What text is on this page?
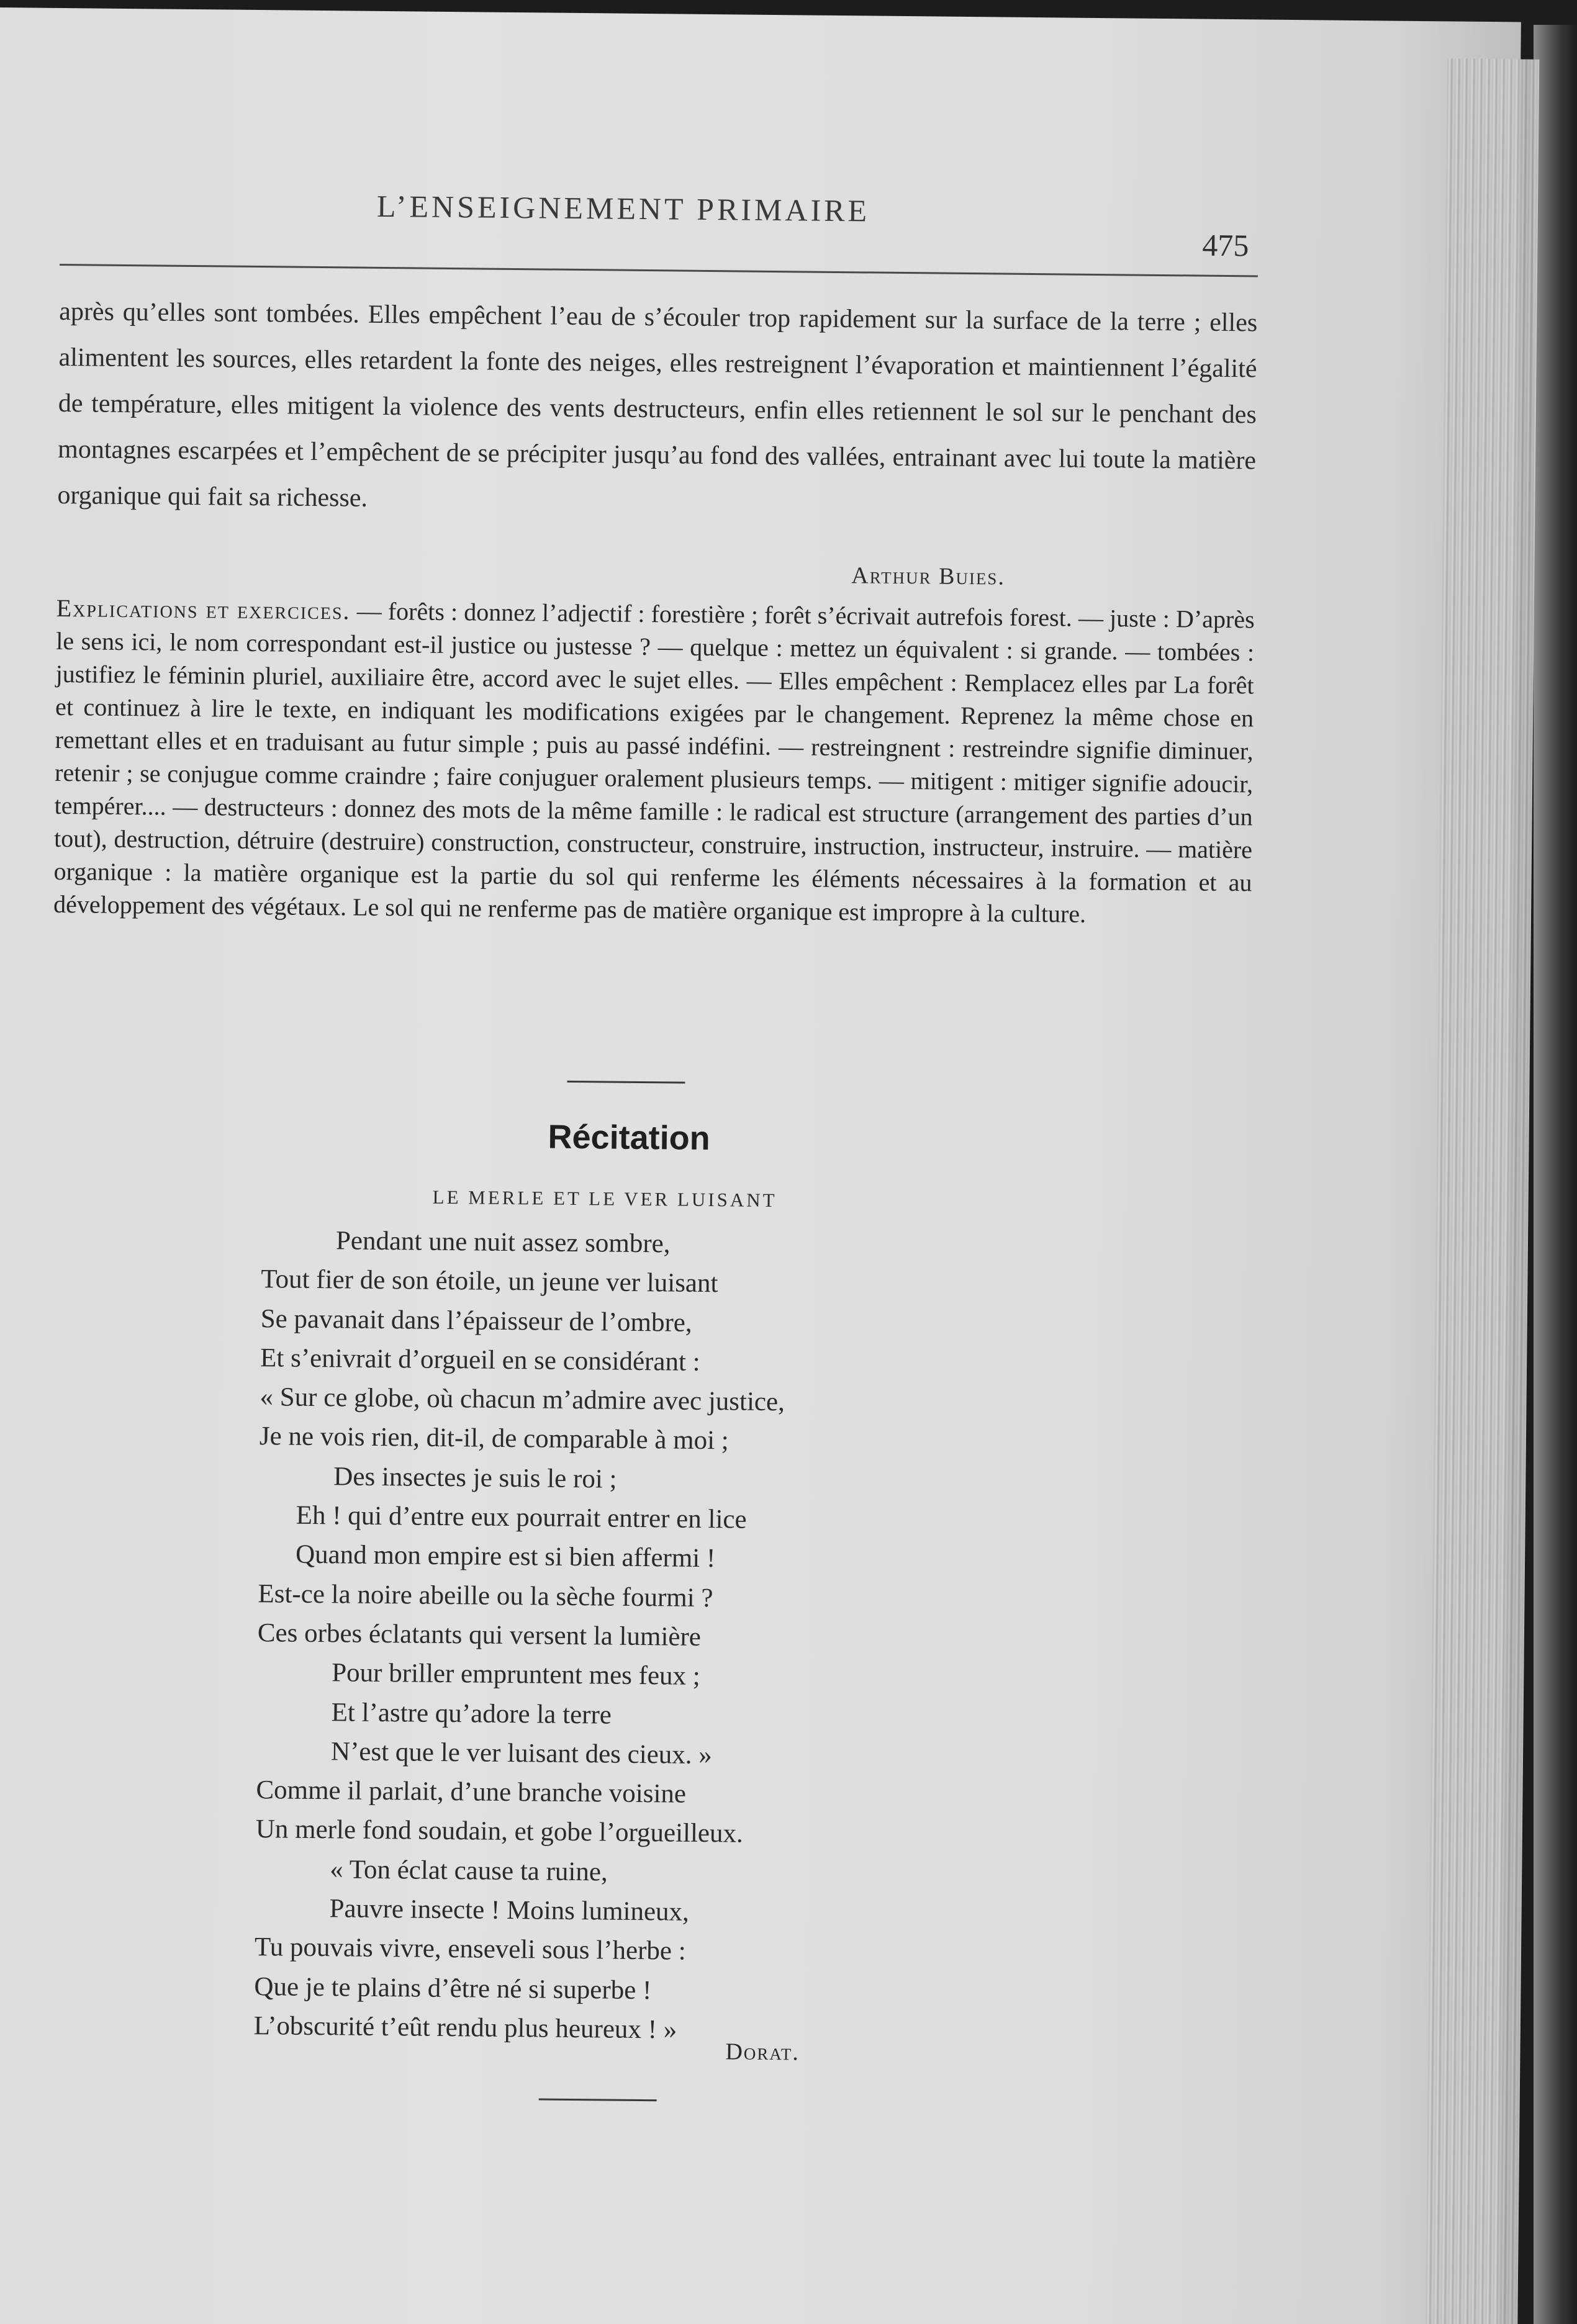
L’ENSEIGNEMENT PRIMAIRE
475

après qu’elles sont tombées. Elles empêchent l’eau de s’écouler trop rapidement sur la surface de la terre ; elles alimentent les sources, elles retardent la fonte des neiges, elles restreignent l’évaporation et maintiennent l’égalité de température, elles mitigent la violence des vents destructeurs, enfin elles retiennent le sol sur le penchant des montagnes escarpées et l’empêchent de se précipiter jusqu’au fond des vallées, entrainant avec lui toute la matière organique qui fait sa richesse.

Arthur Buies.

Explications et exercices. — forêts : donnez l’adjectif : forestière ; forêt s’écrivait autrefois forest. — juste : D’après le sens ici, le nom correspondant est-il justice ou justesse ? — quelque : mettez un équivalent : si grande. — tombées : justifiez le féminin pluriel, auxiliaire être, accord avec le sujet elles. — Elles empêchent : Remplacez elles par La forêt et continuez à lire le texte, en indiquant les modifications exigées par le changement. Reprenez la même chose en remettant elles et en traduisant au futur simple ; puis au passé indéfini. — restreingnent : restreindre signifie diminuer, retenir ; se conjugue comme craindre ; faire conjuguer oralement plusieurs temps. — mitigent : mitiger signifie adoucir, tempérer.... — destructeurs : donnez des mots de la même famille : le radical est structure (arrangement des parties d’un tout), destruction, détruire (destruire) construction, constructeur, construire, instruction, instructeur, instruire. — matière organique : la matière organique est la partie du sol qui renferme les éléments nécessaires à la formation et au développement des végétaux. Le sol qui ne renferme pas de matière organique est impropre à la culture.

Récitation
LE MERLE ET LE VER LUISANT
Pendant une nuit assez sombre,
Tout fier de son étoile, un jeune ver luisant
Se pavanait dans l’épaisseur de l’ombre,
Et s’enivrait d’orgueil en se considérant :
« Sur ce globe, où chacun m’admire avec justice,
Je ne vois rien, dit-il, de comparable à moi ;
Des insectes je suis le roi ;
Eh ! qui d’entre eux pourrait entrer en lice
Quand mon empire est si bien affermi !
Est-ce la noire abeille ou la sèche fourmi ?
Ces orbes éclatants qui versent la lumière
Pour briller empruntent mes feux ;
Et l’astre qu’adore la terre
N’est que le ver luisant des cieux. »
Comme il parlait, d’une branche voisine
Un merle fond soudain, et gobe l’orgueilleux.
« Ton éclat cause ta ruine,
Pauvre insecte ! Moins lumineux,
Tu pouvais vivre, enseveli sous l’herbe :
Que je te plains d’être né si superbe !
L’obscurité t’eût rendu plus heureux ! »
Dorat.
